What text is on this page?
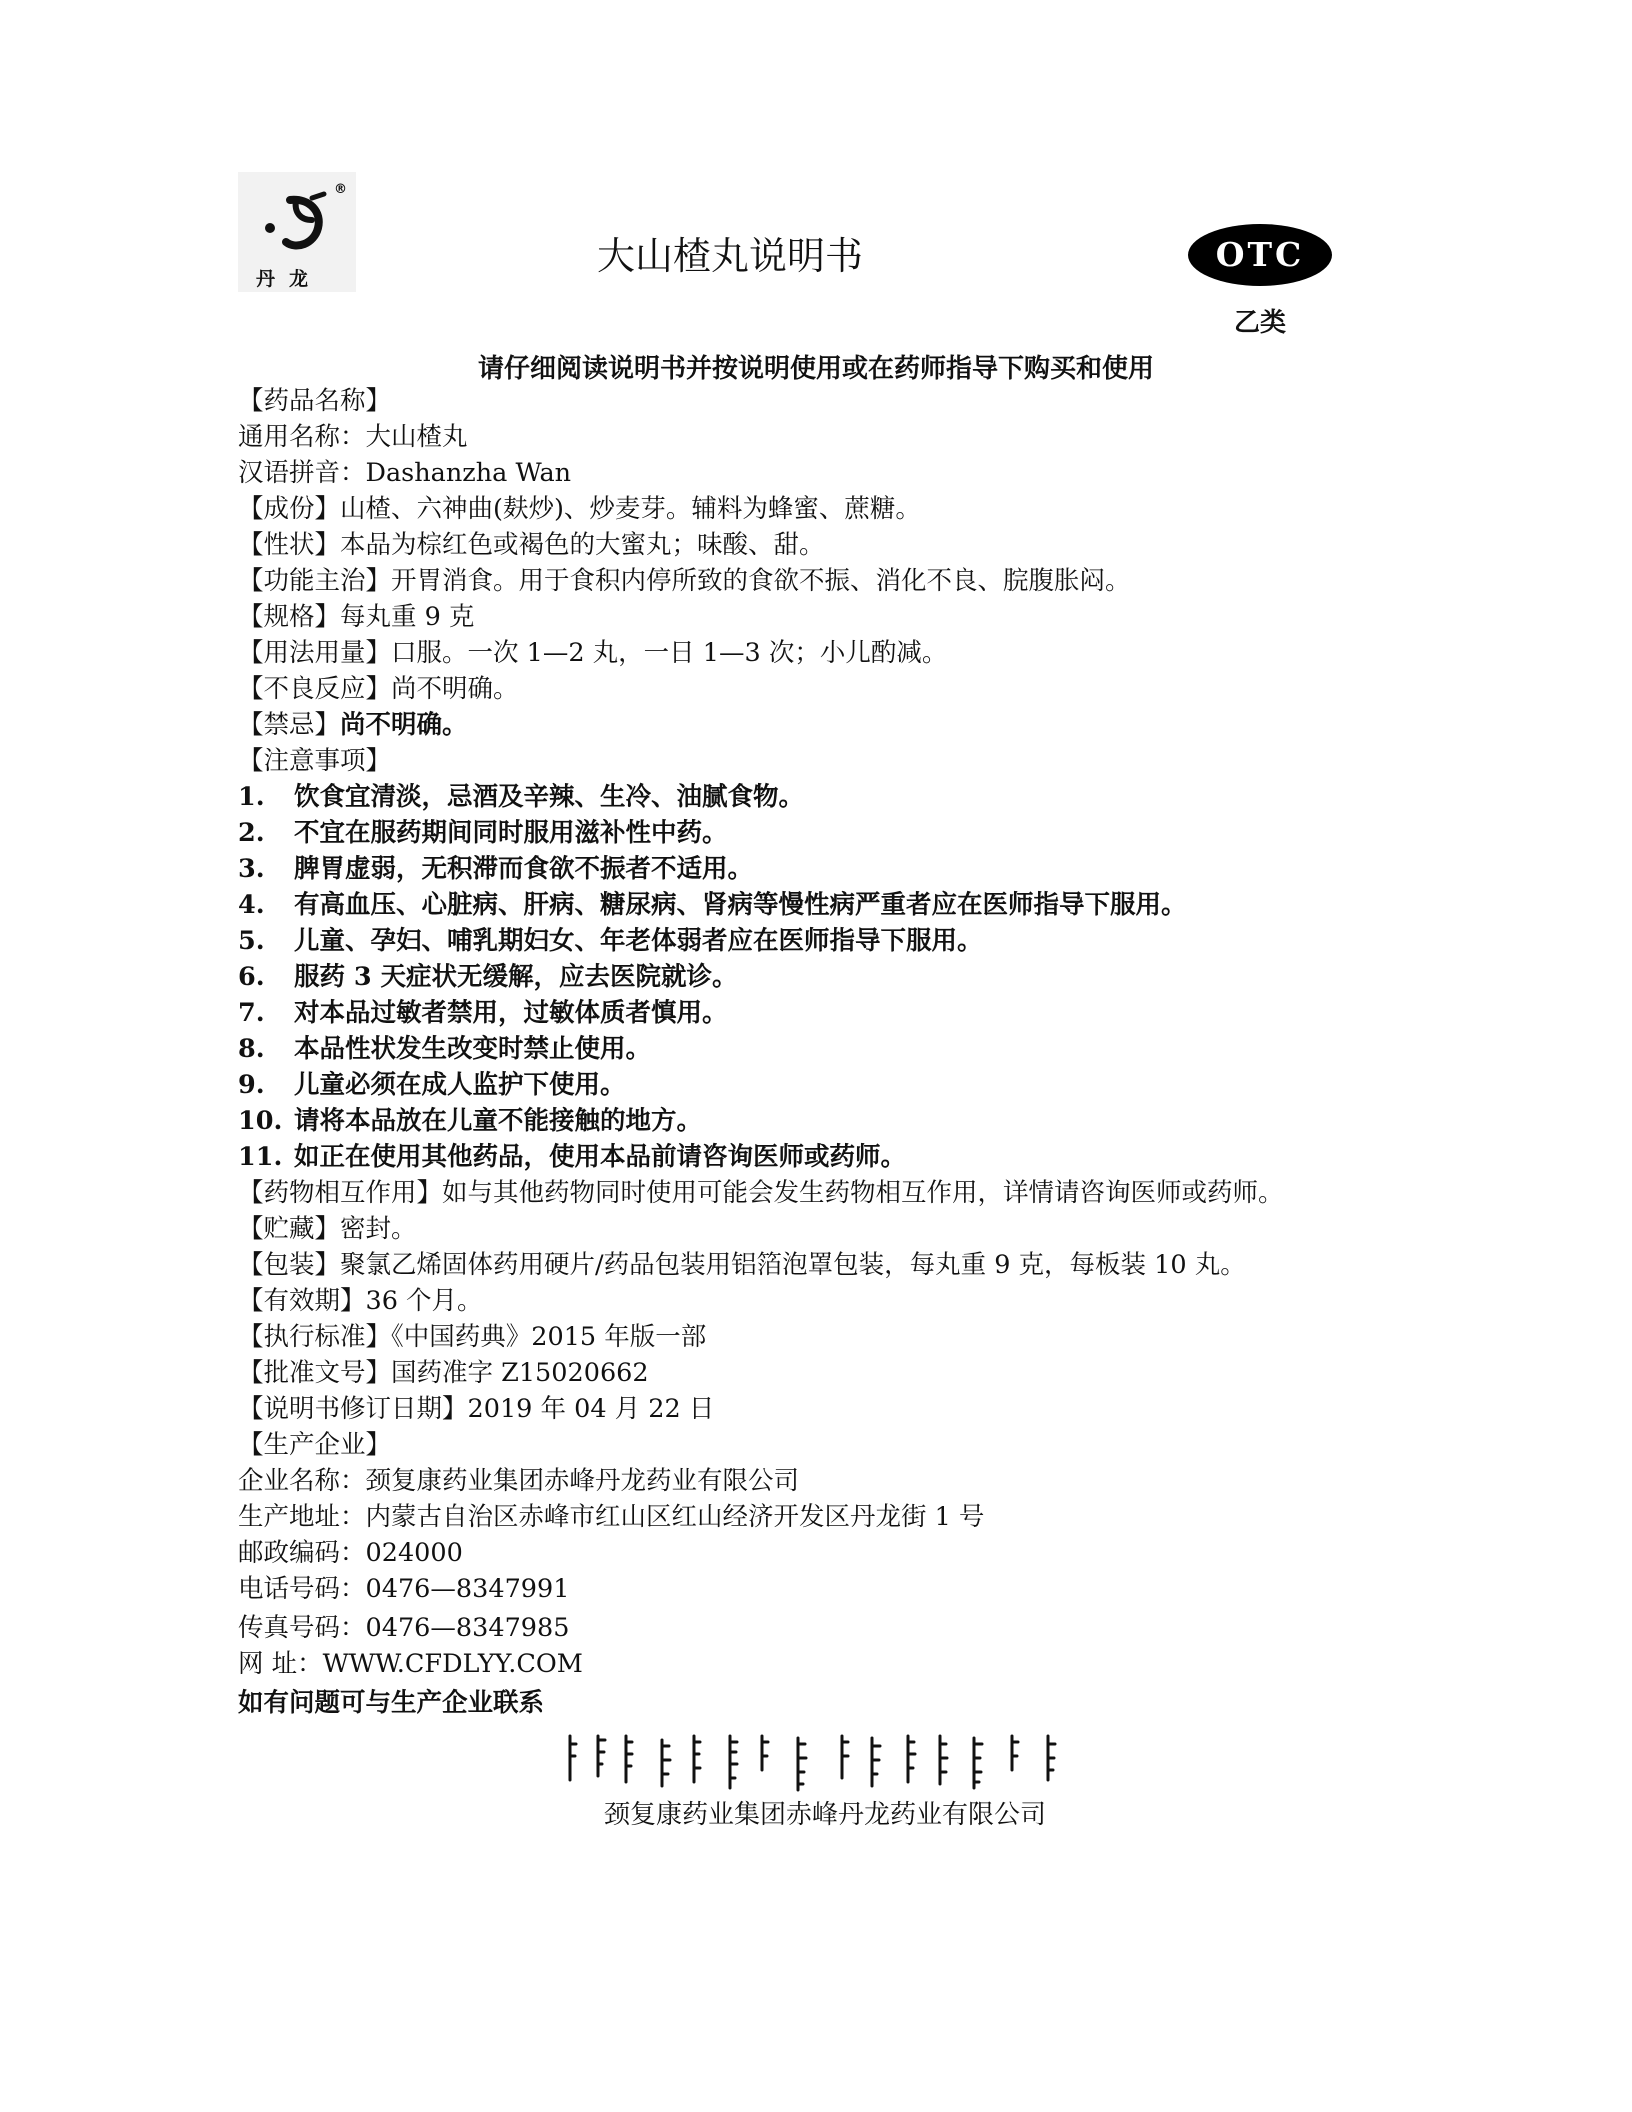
®
丹龙
大山楂丸说明书	OTC
乙类
请仔细阅读说明书并按说明使用或在药师指导下购买和使用
【药品名称】
通用名称：大山楂丸
汉语拼音：Dashanzha Wan
【成份】山楂、六神曲(麸炒)、炒麦芽。辅料为蜂蜜、蔗糖。
【性状】本品为棕红色或褐色的大蜜丸；味酸、甜。
【功能主治】开胃消食。用于食积内停所致的食欲不振、消化不良、脘腹胀闷。
【规格】每丸重 9 克
【用法用量】口服。一次 1—2 丸，一日 1—3 次；小儿酌减。
【不良反应】尚不明确。
【禁忌】尚不明确。
【注意事项】
1. 饮食宜清淡，忌酒及辛辣、生冷、油腻食物。
2. 不宜在服药期间同时服用滋补性中药。
3. 脾胃虚弱，无积滞而食欲不振者不适用。
4. 有高血压、心脏病、肝病、糖尿病、肾病等慢性病严重者应在医师指导下服用。
5. 儿童、孕妇、哺乳期妇女、年老体弱者应在医师指导下服用。
6. 服药 3 天症状无缓解，应去医院就诊。
7. 对本品过敏者禁用，过敏体质者慎用。
8. 本品性状发生改变时禁止使用。
9. 儿童必须在成人监护下使用。
10. 请将本品放在儿童不能接触的地方。
11. 如正在使用其他药品，使用本品前请咨询医师或药师。
【药物相互作用】如与其他药物同时使用可能会发生药物相互作用，详情请咨询医师或药师。
【贮藏】密封。
【包装】聚氯乙烯固体药用硬片/药品包装用铝箔泡罩包装，每丸重 9 克，每板装 10 丸。
【有效期】36 个月。
【执行标准】《中国药典》2015 年版一部
【批准文号】国药准字 Z15020662
【说明书修订日期】2019 年 04 月 22 日
【生产企业】
企业名称：颈复康药业集团赤峰丹龙药业有限公司
生产地址：内蒙古自治区赤峰市红山区红山经济开发区丹龙街 1 号
邮政编码：024000
电话号码：0476—8347991
传真号码：0476—8347985
网 址：WWW.CFDLYY.COM
如有问题可与生产企业联系
颈复康药业集团赤峰丹龙药业有限公司
